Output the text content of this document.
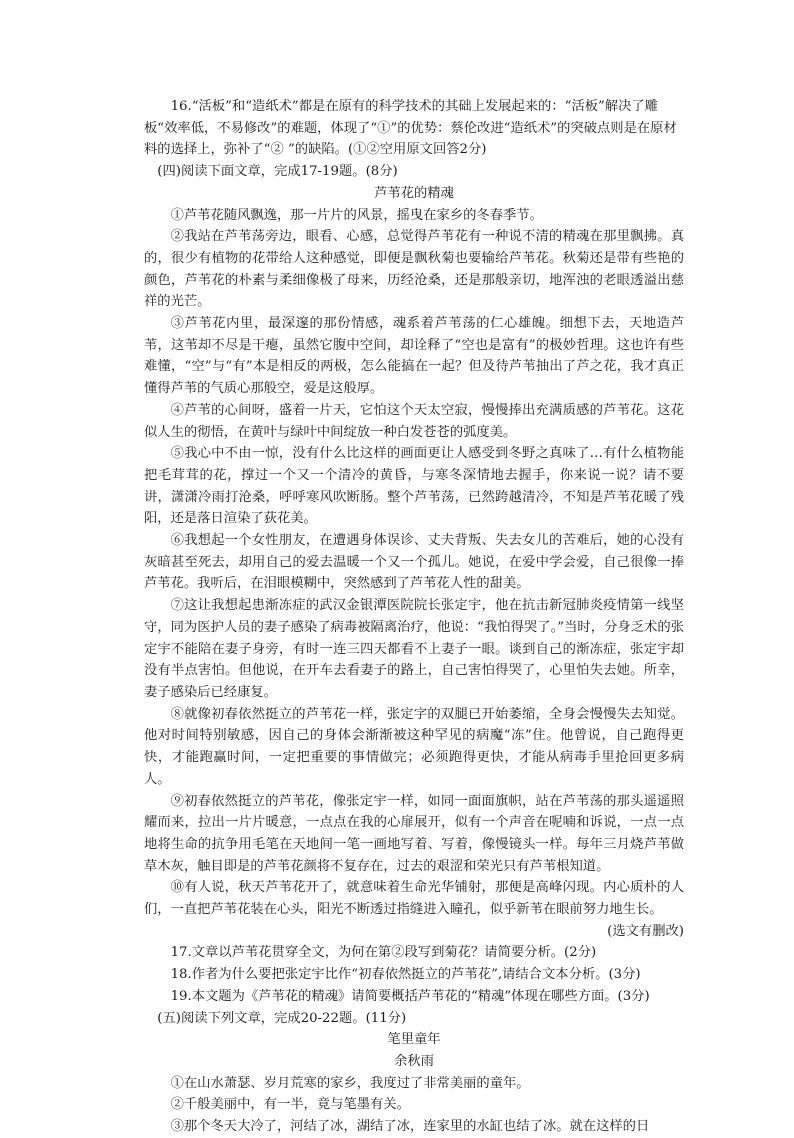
16.“活板”和“造纸术”都是在原有的科学技术的其础上发展起来的：“活板”解决了雕板“效率低，不易修改”的难题，体现了“①”的优势：蔡伦改进“造纸术”的突破点则是在原材料的选择上，弥补了“② ”的缺陷。(①②空用原文回答2分)

(四)阅读下面文章，完成17-19题。(8分)

芦苇花的精魂

①芦苇花随风飘逸，那一片片的风景，摇曳在家乡的冬春季节。

②我站在芦苇荡旁边，眼看、心感，总觉得芦苇花有一种说不清的精魂在那里飘拂。真的，很少有植物的花带给人这种感觉，即便是飘秋菊也要输给芦苇花。秋菊还是带有些艳的颜色，芦苇花的朴素与柔细像极了母来，历经沧桑，还是那般亲切，地浑浊的老眼透溢出慈祥的光芒。

③芦苇花内里，最深邃的那份情感，魂系着芦苇荡的仁心雄魄。细想下去，天地造芦苇，这苇却不尽是干瘪，虽然它腹中空间，却诠释了“空也是富有”的极妙哲理。这也许有些难懂，“空”与“有”本是相反的两极，怎么能搞在一起？但及待芦苇抽出了芦之花，我才真正懂得芦苇的气质心那般空，爱是这般厚。

④芦苇的心间呀，盛着一片天，它怕这个天太空寂，慢慢捧出充满质感的芦苇花。这花似人生的彻悟，在黄叶与绿叶中间绽放一种白发苍苍的弧度美。

⑤我心中不由一惊，没有什么比这样的画面更让人感受到冬野之真味了…有什么植物能把毛茸茸的花，撑过一个又一个清冷的黄昏，与寒冬深情地去握手，你来说一说？请不要讲，潇潇冷雨打沧桑，呼呼寒风吹断肠。整个芦苇荡，已然跨越清冷，不知是芦苇花暖了残阳，还是落日渲染了荻花美。

⑥我想起一个女性朋友，在遭遇身体误诊、丈夫背叛、失去女儿的苦难后，她的心没有灰暗甚至死去，却用自己的爱去温暖一个又一个孤儿。她说，在爱中学会爱，自己很像一捧芦苇花。我听后，在泪眼模糊中，突然感到了芦苇花人性的甜美。

⑦这让我想起患渐冻症的武汉金银潭医院院长张定宇，他在抗击新冠肺炎疫情第一线坚守，同为医护人员的妻子感染了病毒被隔离治疗，他说：“我怕得哭了。”当时，分身乏术的张定宇不能陪在妻子身旁，有时一连三四天都看不上妻子一眼。谈到自己的渐冻症，张定宇却没有半点害怕。但他说，在开车去看妻子的路上，自己害怕得哭了，心里怕失去她。所幸，妻子感染后已经康复。

⑧就像初春依然挺立的芦苇花一样，张定字的双腿已开始萎缩，全身会慢慢失去知觉。他对时间特别敏感，因自己的身体会渐渐被这种罕见的病魔“冻”住。他曾说，自己跑得更快，才能跑赢时间，一定把重要的事情做完；必须跑得更快，才能从病毒手里抢回更多病人。

⑨初春依然挺立的芦苇花，像张定宇一样，如同一面面旗帜，站在芦苇荡的那头遥遥照耀而来，拉出一片片暖意，一点点在我的心扉展开，似有一个声音在呢喃和诉说，一点一点地将生命的抗争用毛笔在天地间一笔一画地写着、写着，像慢镜头一样。每年三月烧芦苇做草木灰，触目即是的芦苇花颜将不复存在，过去的艰涩和荣光只有芦苇根知道。

⑩有人说，秋天芦苇花开了，就意味着生命光华铺射，那便是高峰闪现。内心质朴的人们，一直把芦苇花装在心头，阳光不断透过指缝进入瞳孔，似乎新苇在眼前努力地生长。

(选文有删改)

17.文章以芦苇花贯穿全文，为何在第②段写到菊花？请简要分析。(2分)

18.作者为什么要把张定宇比作“初春依然挺立的芦苇花”,请结合文本分析。(3分)

19.本文题为《芦苇花的精魂》请简要概括芦苇花的“精魂”体现在哪些方面。(3分)

(五)阅读下列文章，完成20-22题。(11分)

笔里童年

余秋雨

①在山水萧瑟、岁月荒寒的家乡，我度过了非常美丽的童年。

②千般美丽中，有一半，竟与笔墨有关。

③那个冬天大冷了，河结了冰，湖结了冰，连家里的水缸也结了冰。就在这样的日
